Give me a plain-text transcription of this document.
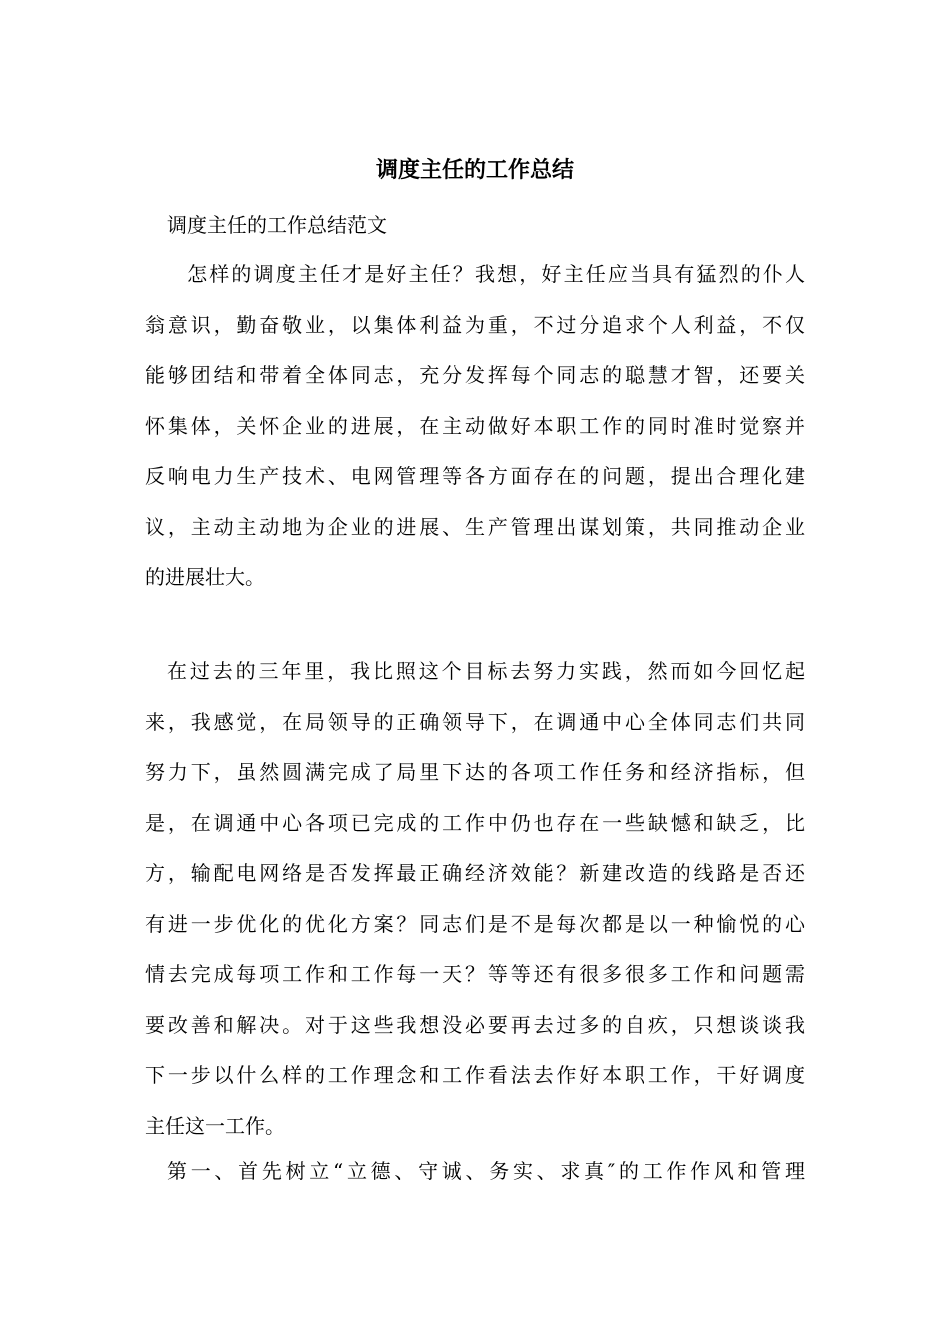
调度主任的工作总结

调度主任的工作总结范文

　怎样的调度主任才是好主任？我想，好主任应当具有猛烈的仆人
翁意识，勤奋敬业，以集体利益为重，不过分追求个人利益，不仅
能够团结和带着全体同志，充分发挥每个同志的聪慧才智，还要关
怀集体，关怀企业的进展，在主动做好本职工作的同时准时觉察并
反响电力生产技术、电网管理等各方面存在的问题，提出合理化建
议，主动主动地为企业的进展、生产管理出谋划策，共同推动企业
的进展壮大。
在过去的三年里，我比照这个目标去努力实践，然而如今回忆起
来，我感觉，在局领导的正确领导下，在调通中心全体同志们共同
努力下，虽然圆满完成了局里下达的各项工作任务和经济指标，但
是，在调通中心各项已完成的工作中仍也存在一些缺憾和缺乏，比
方，输配电网络是否发挥最正确经济效能？新建改造的线路是否还
有进一步优化的优化方案？同志们是不是每次都是以一种愉悦的心
情去完成每项工作和工作每一天？等等还有很多很多工作和问题需
要改善和解决。对于这些我想没必要再去过多的自疚，只想谈谈我
下一步以什么样的工作理念和工作看法去作好本职工作，干好调度
主任这一工作。
第一、首先树立“立德、守诚、务实、求真″的工作作风和管理
